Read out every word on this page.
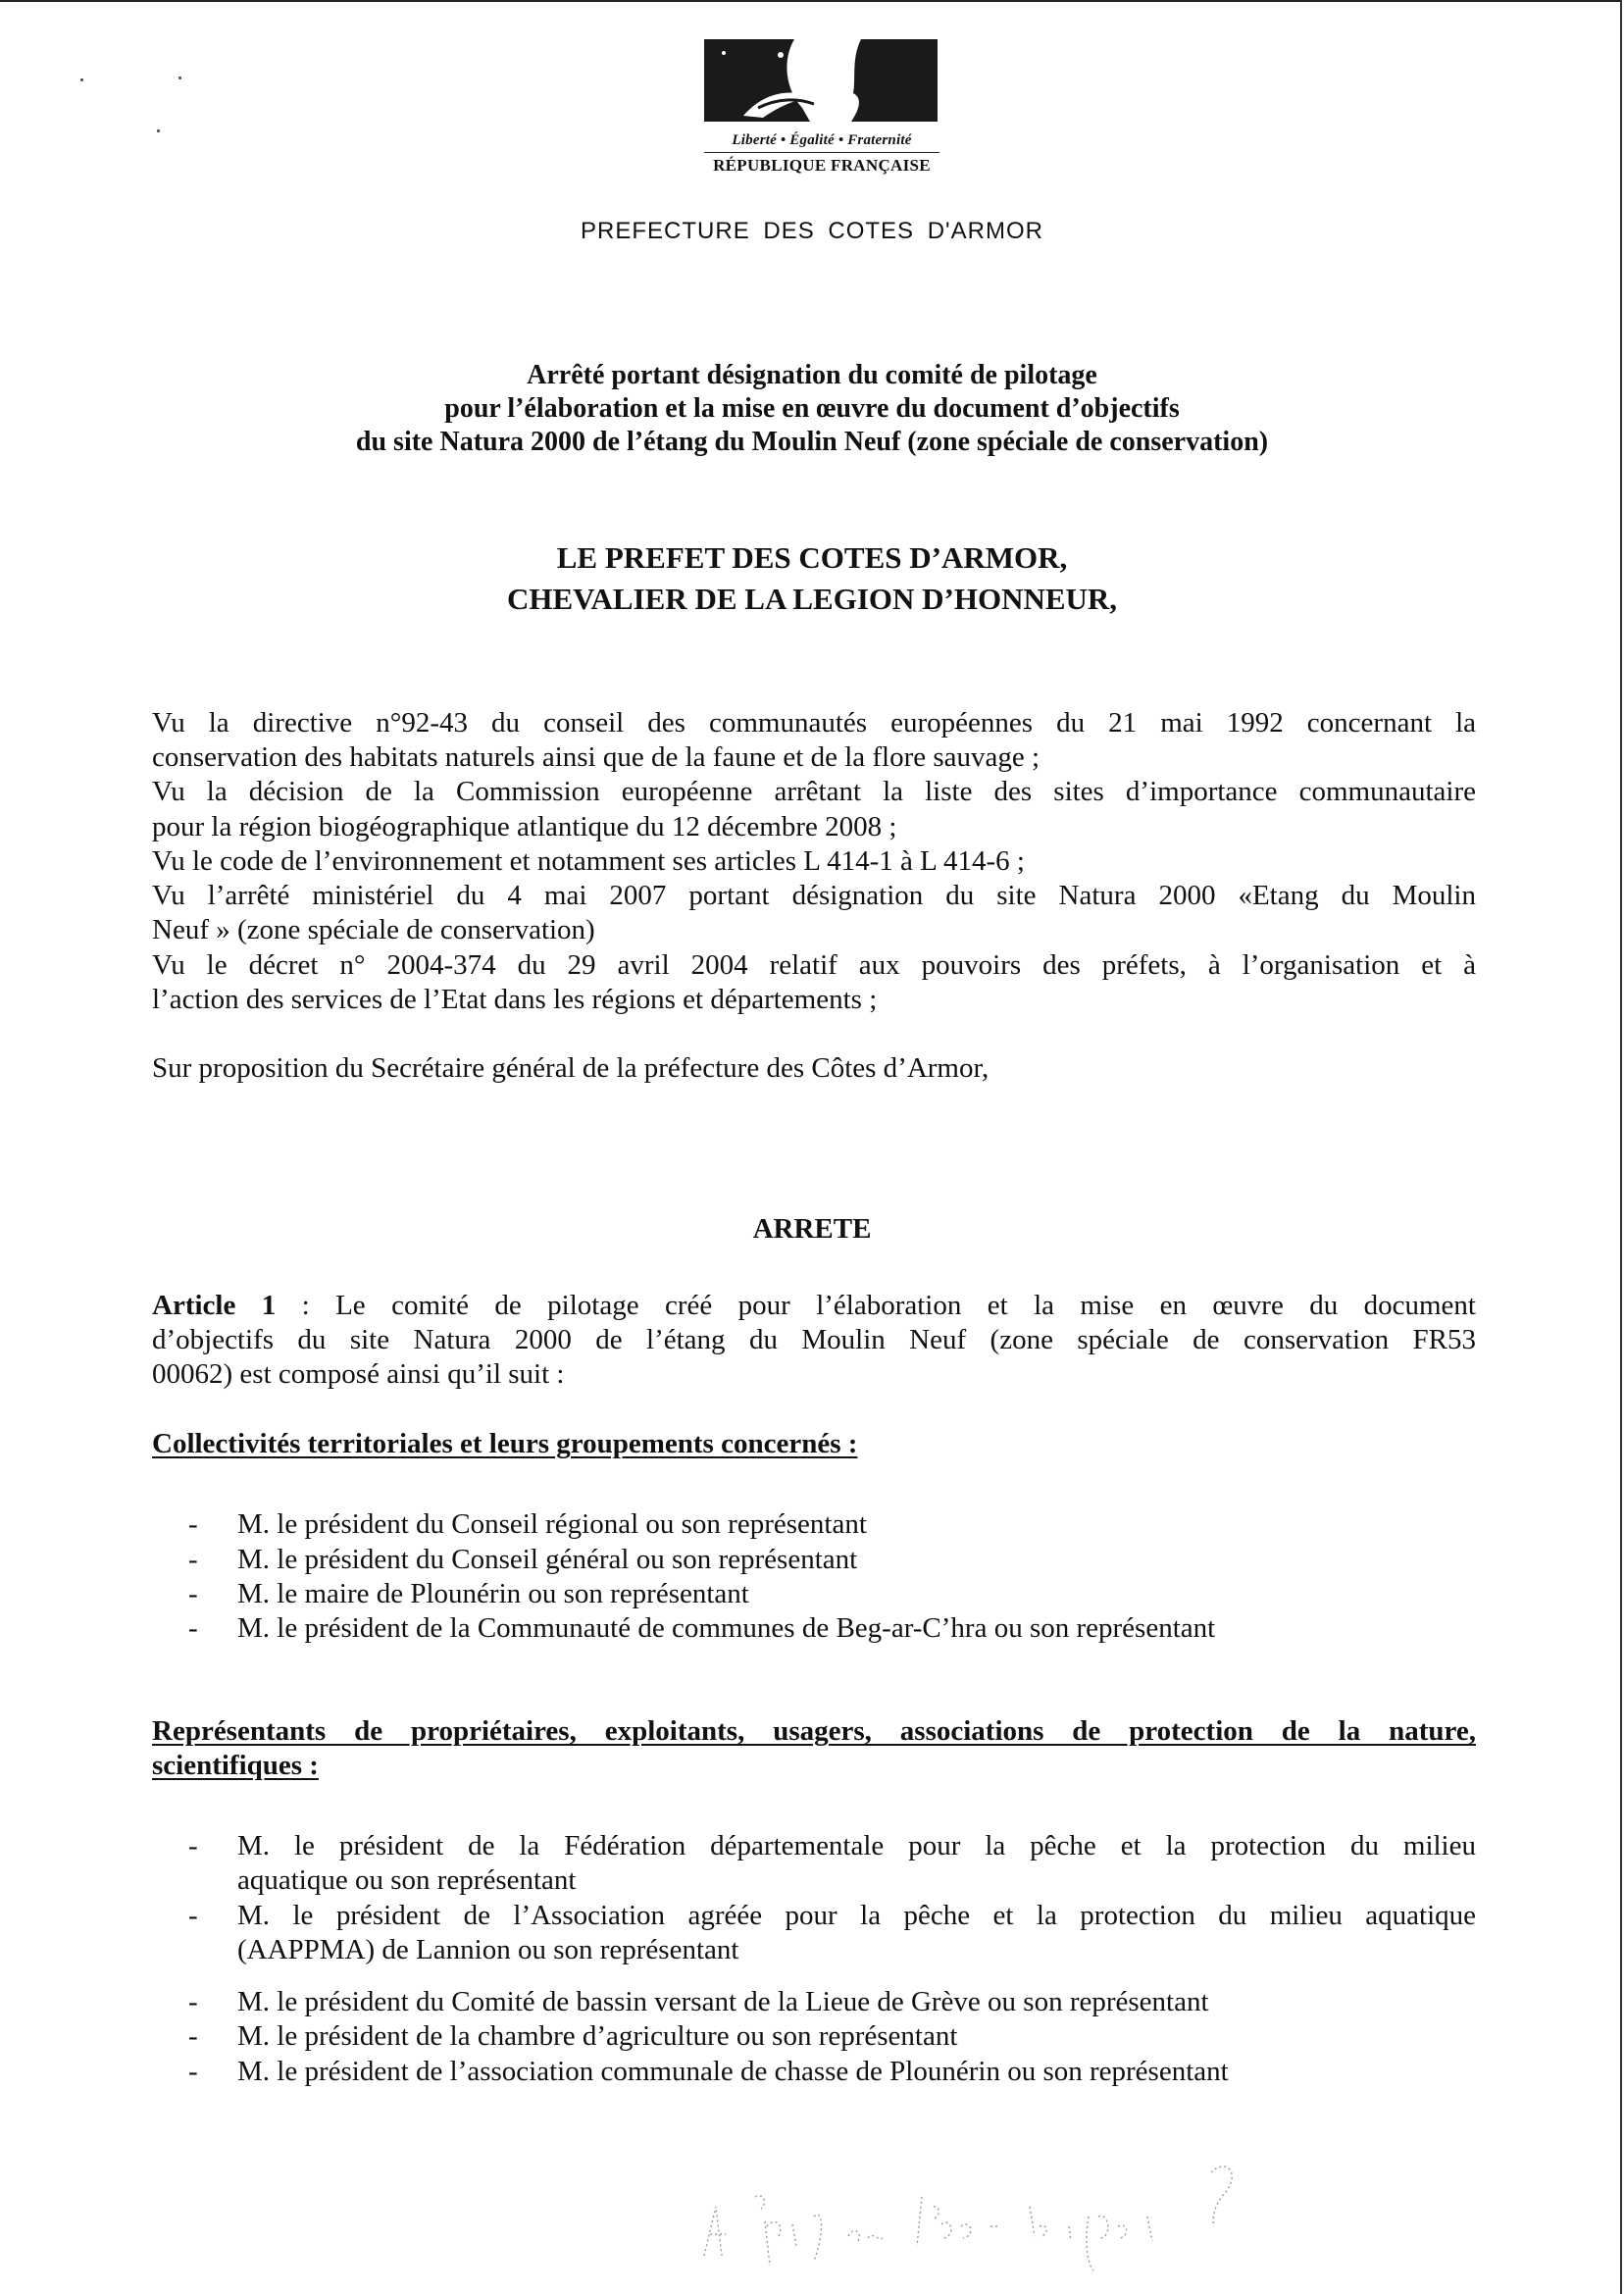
?
Liberté • Égalité • Fraternité
RÉPUBLIQUE FRANÇAISE
PREFECTURE DES COTES D'ARMOR
Arrêté portant désignation du comité de pilotage
pour l’élaboration et la mise en œuvre du document d’objectifs
du site Natura 2000 de l’étang du Moulin Neuf (zone spéciale de conservation)
LE PREFET DES COTES D’ARMOR,
CHEVALIER DE LA LEGION D’HONNEUR,
Vu la directive n°92-43 du conseil des communautés européennes du 21 mai 1992 concernant la
conservation des habitats naturels ainsi que de la faune et de la flore sauvage ;
Vu la décision de la Commission européenne arrêtant la liste des sites d’importance communautaire
pour la région biogéographique atlantique du 12 décembre 2008 ;
Vu le code de l’environnement et notamment ses articles L 414-1 à L 414-6 ;
Vu l’arrêté ministériel du 4 mai 2007 portant désignation du site Natura 2000 «Etang du Moulin
Neuf » (zone spéciale de conservation)
Vu le décret n° 2004-374 du 29 avril 2004 relatif aux pouvoirs des préfets, à l’organisation et à
l’action des services de l’Etat dans les régions et départements ;
Sur proposition du Secrétaire général de la préfecture des Côtes d’Armor,
ARRETE
Article 1 : Le comité de pilotage créé pour l’élaboration et la mise en œuvre du document
d’objectifs du site Natura 2000 de l’étang du Moulin Neuf (zone spéciale de conservation FR53
00062) est composé ainsi qu’il suit :
Collectivités territoriales et leurs groupements concernés :
- M. le président du Conseil régional ou son représentant
- M. le président du Conseil général ou son représentant
- M. le maire de Plounérin ou son représentant
- M. le président de la Communauté de communes de Beg-ar-C’hra ou son représentant
Représentants de propriétaires, exploitants, usagers, associations de protection de la nature,
scientifiques :
- M. le président de la Fédération départementale pour la pêche et la protection du milieu
aquatique ou son représentant
- M. le président de l’Association agréée pour la pêche et la protection du milieu aquatique
(AAPPMA) de Lannion ou son représentant
- M. le président du Comité de bassin versant de la Lieue de Grève ou son représentant
- M. le président de la chambre d’agriculture ou son représentant
- M. le président de l’association communale de chasse de Plounérin ou son représentant
